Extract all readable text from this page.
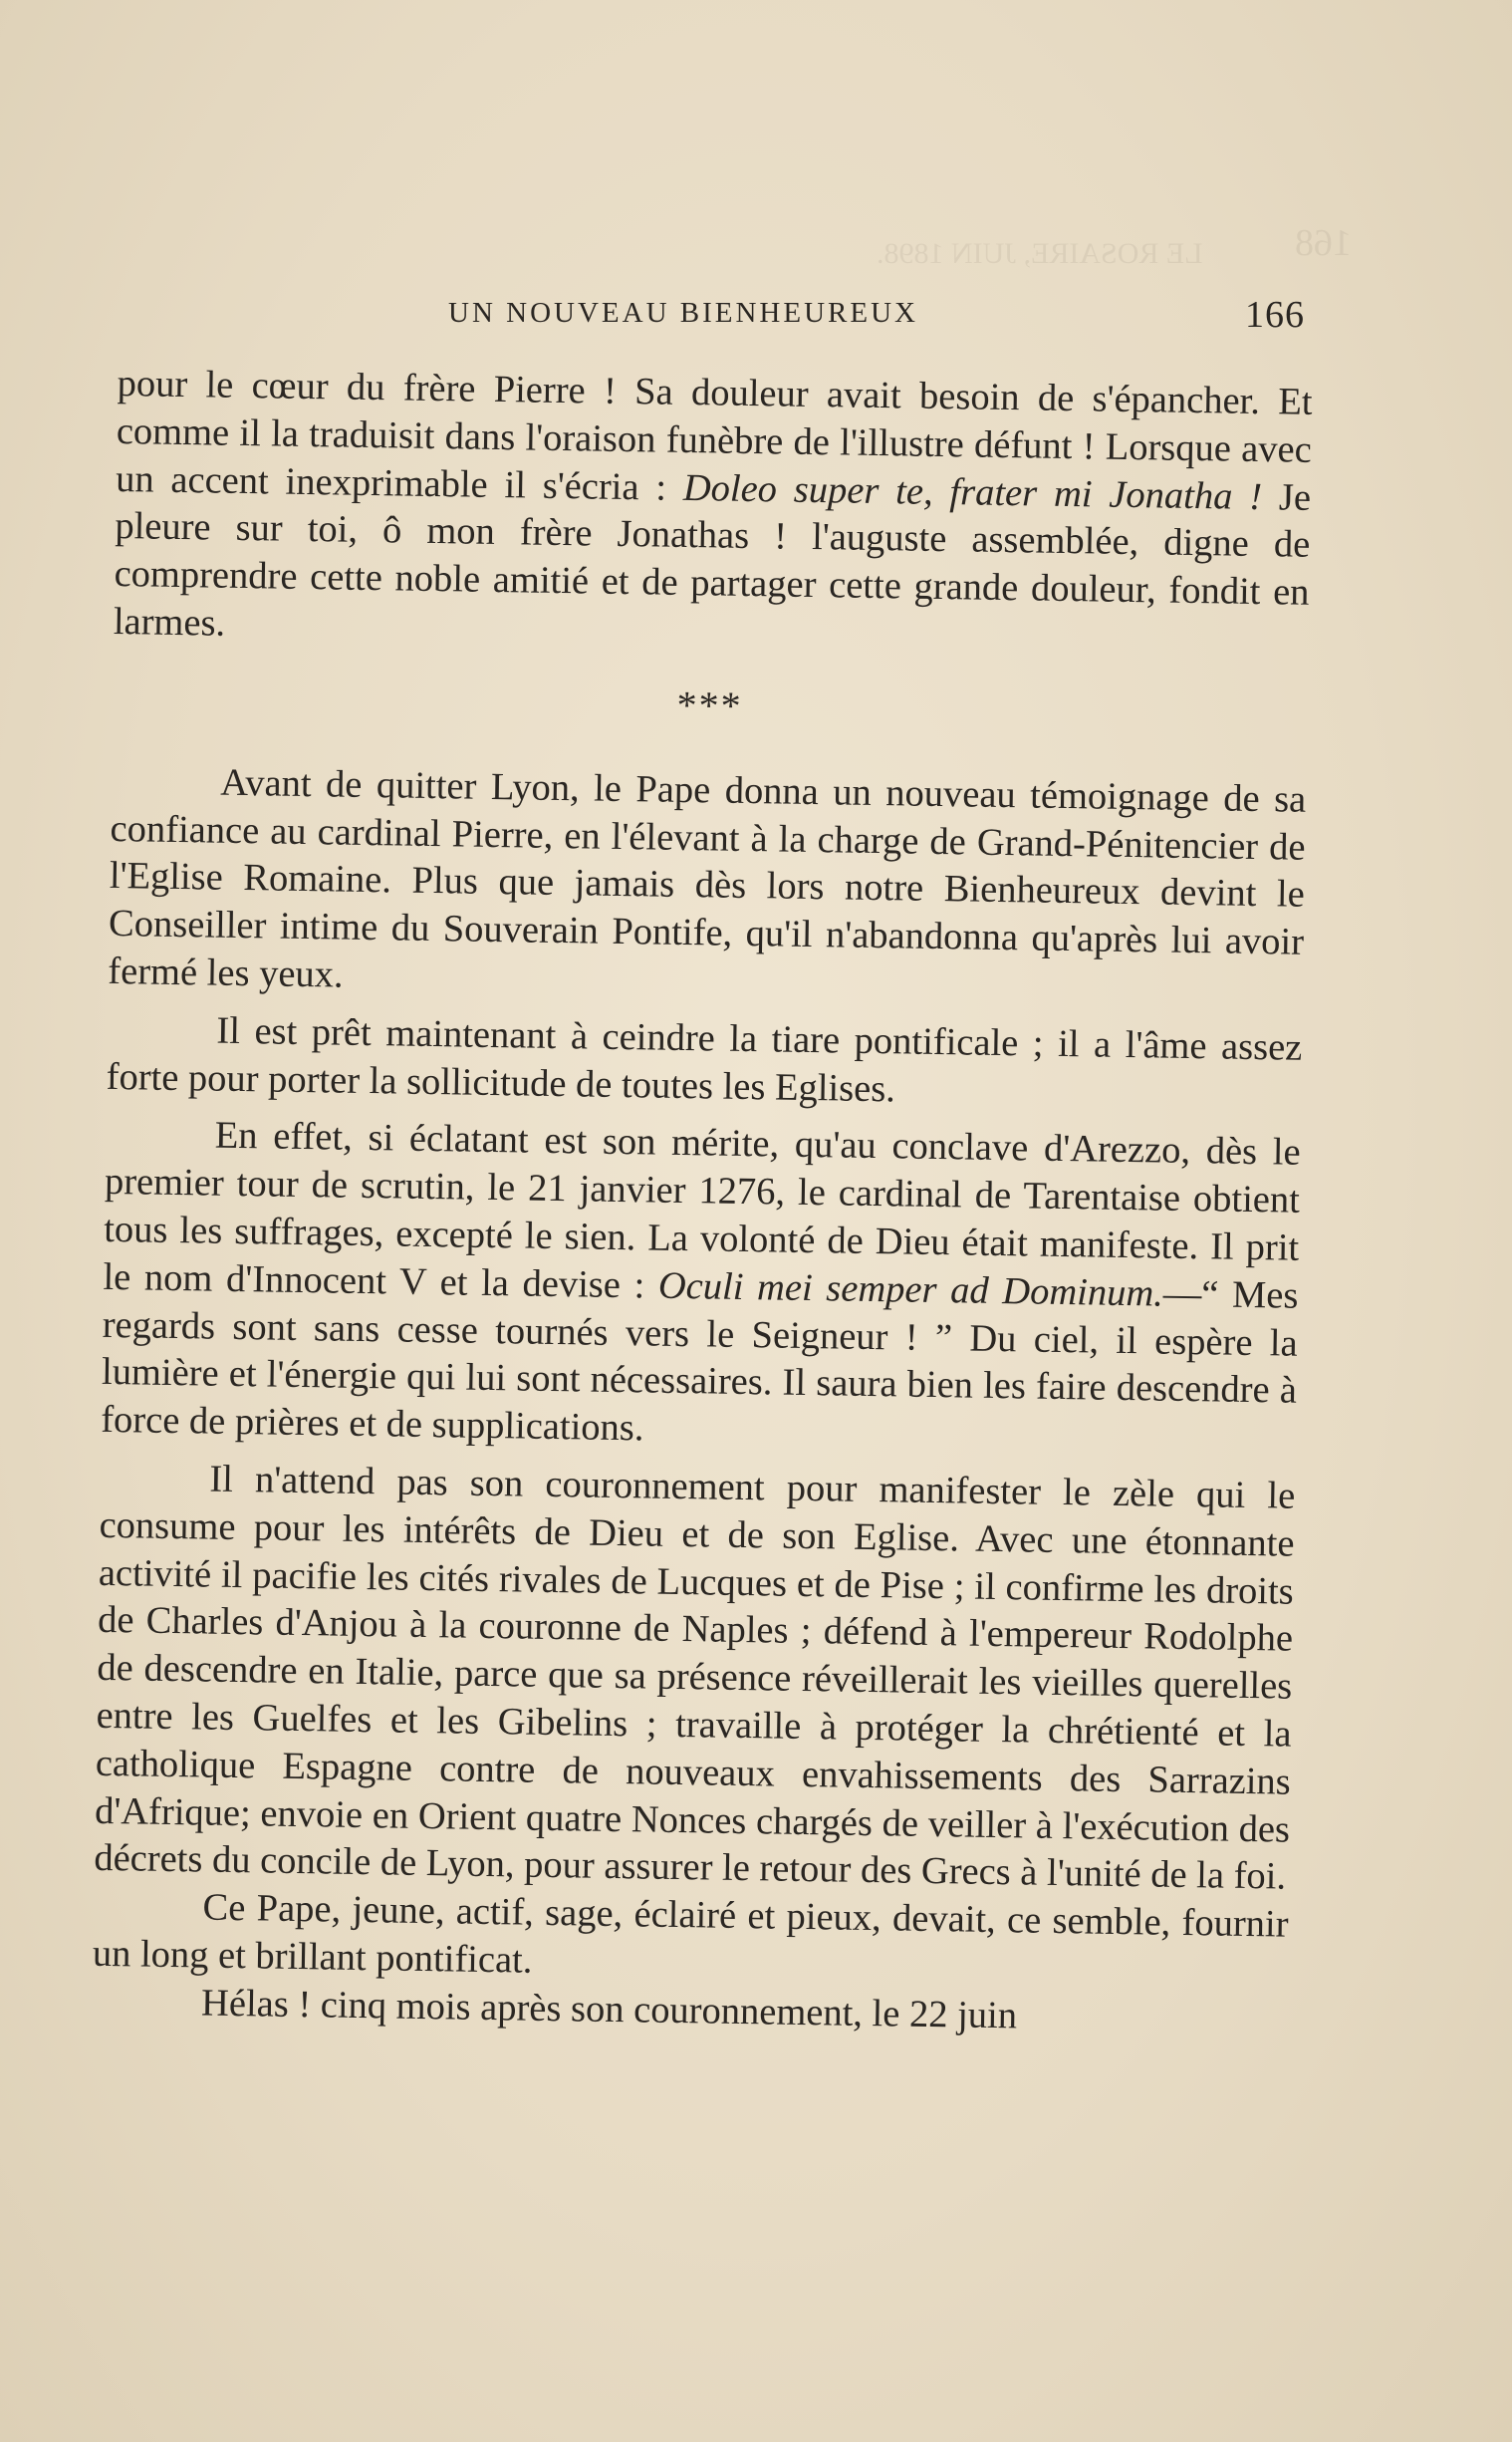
LE ROSAIRE, JUIN 1898. 168
UN NOUVEAU BIENHEUREUX	166

pour le cœur du frère Pierre ! Sa douleur avait besoin de s'épancher. Et comme il la traduisit dans l'oraison funèbre de l'illustre défunt ! Lorsque avec un accent inexprimable il s'écria : Doleo super te, frater mi Jonatha ! Je pleure sur toi, ô mon frère Jonathas ! l'auguste assemblée, digne de comprendre cette noble amitié et de partager cette grande douleur, fondit en larmes.

***

Avant de quitter Lyon, le Pape donna un nouveau témoignage de sa confiance au cardinal Pierre, en l'élevant à la charge de Grand-Pénitencier de l'Eglise Romaine. Plus que jamais dès lors notre Bienheureux devint le Conseiller intime du Souverain Pontife, qu'il n'abandonna qu'après lui avoir fermé les yeux.

Il est prêt maintenant à ceindre la tiare pontificale ; il a l'âme assez forte pour porter la sollicitude de toutes les Eglises.

En effet, si éclatant est son mérite, qu'au conclave d'Arezzo, dès le premier tour de scrutin, le 21 janvier 1276, le cardinal de Tarentaise obtient tous les suffrages, excepté le sien. La volonté de Dieu était manifeste. Il prit le nom d'Innocent V et la devise : Oculi mei semper ad Dominum.—“ Mes regards sont sans cesse tournés vers le Seigneur ! ” Du ciel, il espère la lumière et l'énergie qui lui sont nécessaires. Il saura bien les faire descendre à force de prières et de supplications.

Il n'attend pas son couronnement pour manifester le zèle qui le consume pour les intérêts de Dieu et de son Eglise. Avec une étonnante activité il pacifie les cités rivales de Lucques et de Pise ; il confirme les droits de Charles d'Anjou à la couronne de Naples ; défend à l'empereur Rodolphe de descendre en Italie, parce que sa présence réveillerait les vieilles querelles entre les Guelfes et les Gibelins ; travaille à protéger la chrétienté et la catholique Espagne contre de nouveaux envahissements des Sarrazins d'Afrique; envoie en Orient quatre Nonces chargés de veiller à l'exécution des décrets du concile de Lyon, pour assurer le retour des Grecs à l'unité de la foi.

Ce Pape, jeune, actif, sage, éclairé et pieux, devait, ce semble, fournir un long et brillant pontificat.

Hélas ! cinq mois après son couronnement, le 22 juin
